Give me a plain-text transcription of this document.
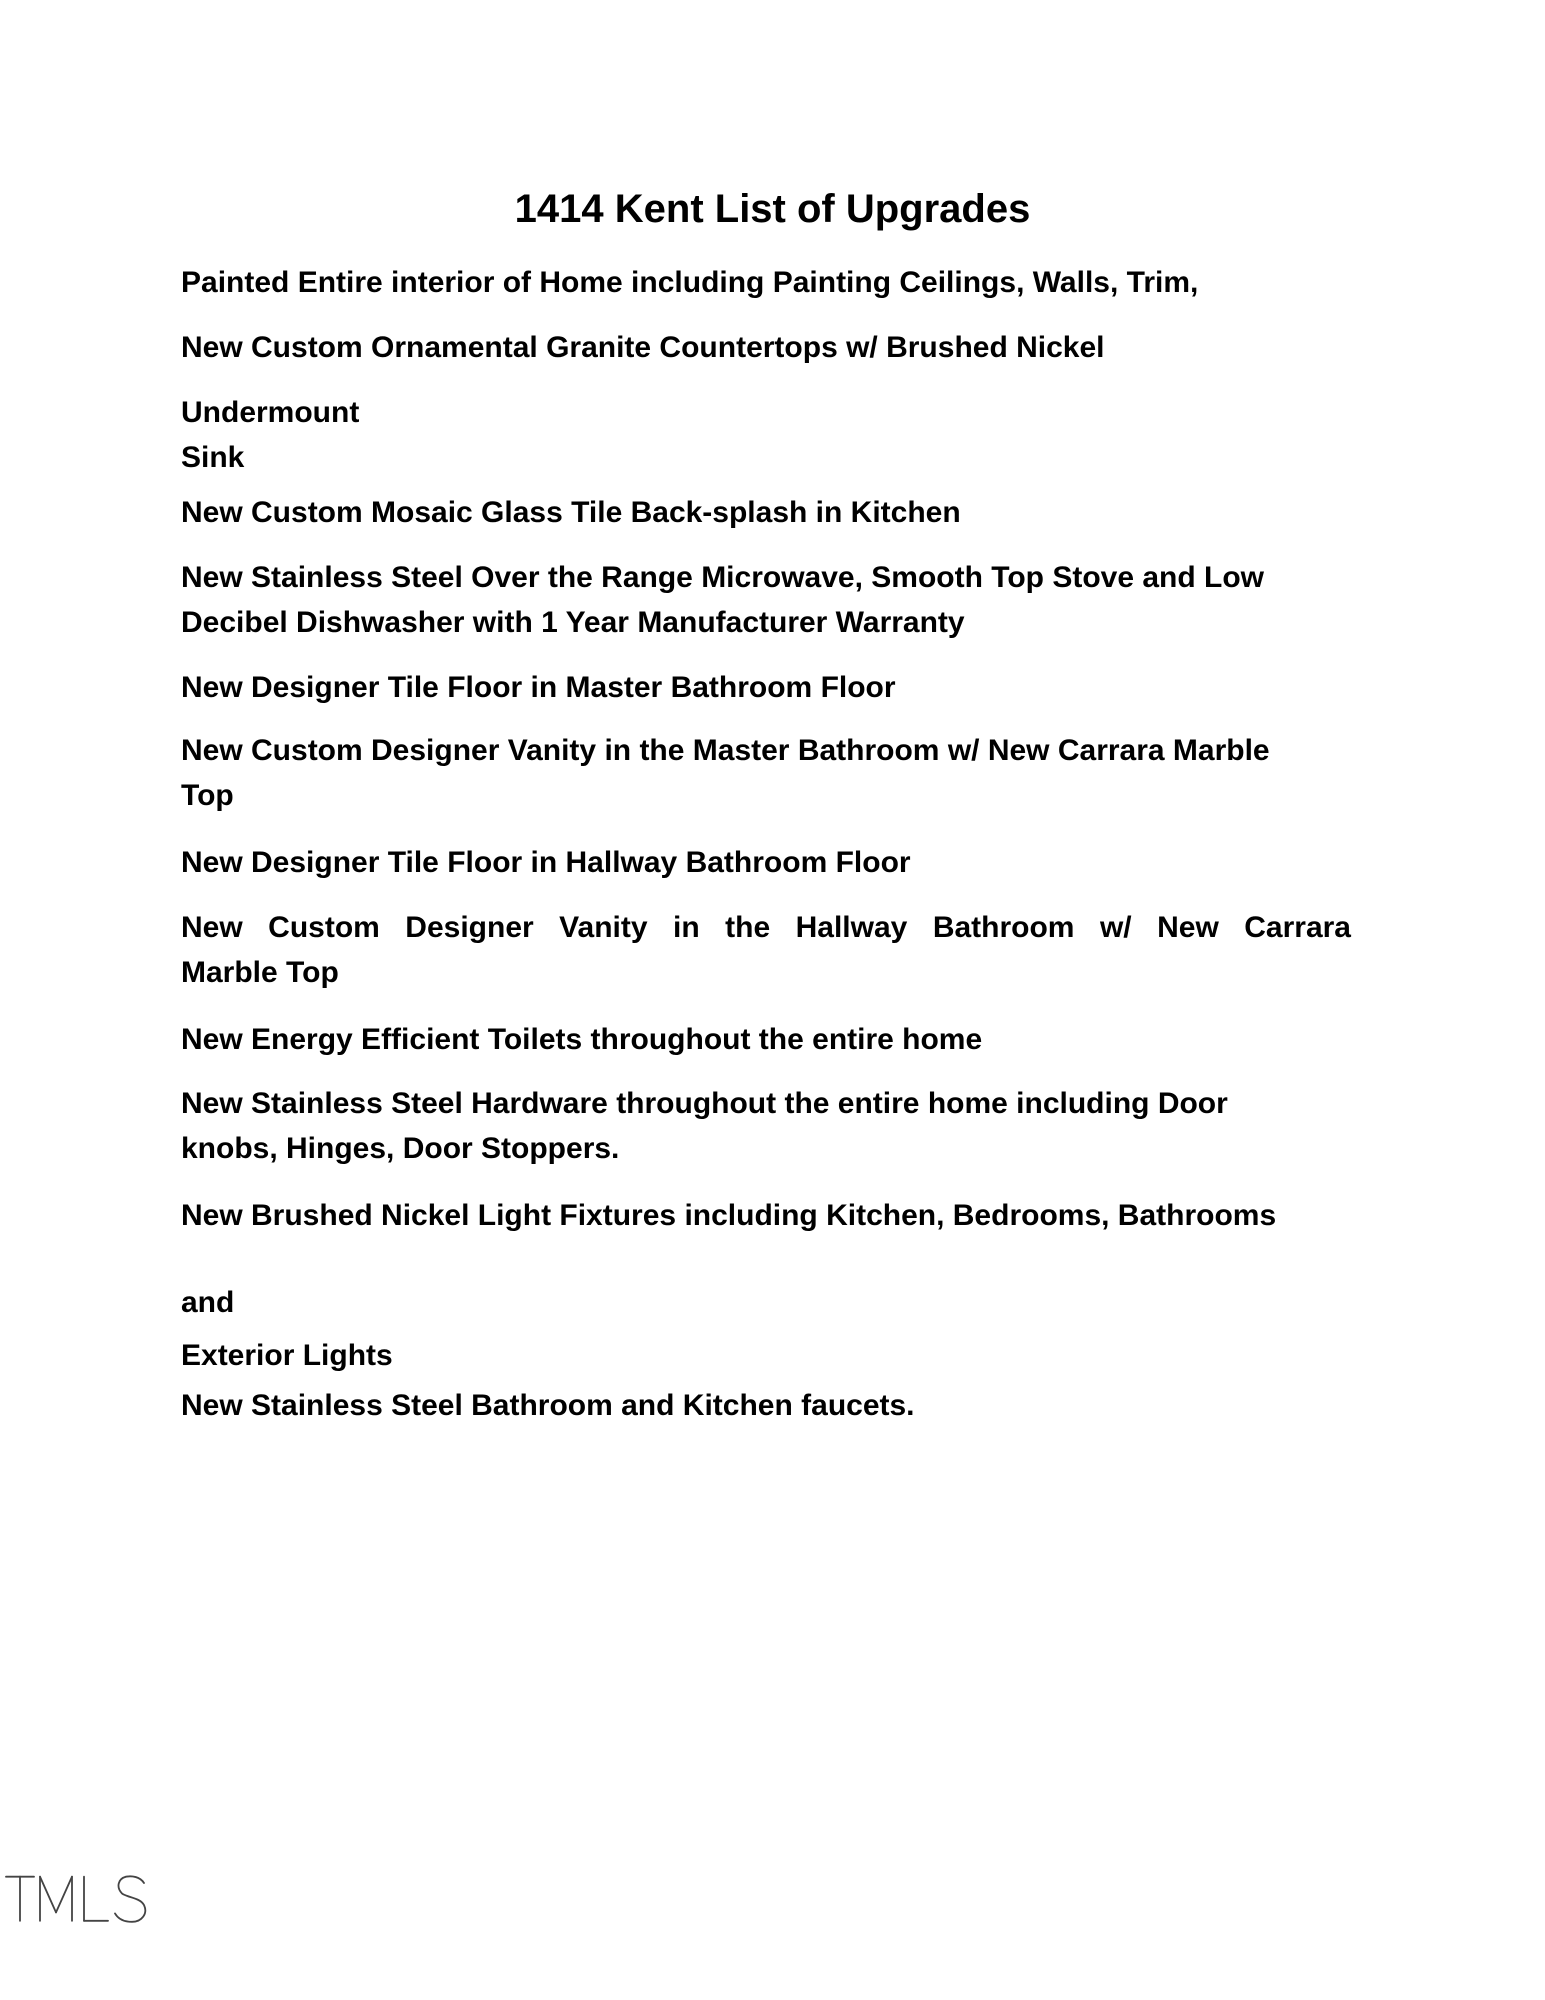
1414 Kent List of Upgrades
Painted Entire interior of Home including Painting Ceilings, Walls, Trim,
New Custom Ornamental Granite Countertops w/ Brushed Nickel
Undermount
Sink
New Custom Mosaic Glass Tile Back-splash in Kitchen
New Stainless Steel Over the Range Microwave, Smooth Top Stove and Low
Decibel Dishwasher with 1 Year Manufacturer Warranty
New Designer Tile Floor in Master Bathroom Floor
New Custom Designer Vanity in the Master Bathroom w/ New Carrara Marble
Top
New Designer Tile Floor in Hallway Bathroom Floor
New Custom Designer Vanity in the Hallway Bathroom w/ New Carrara
Marble Top
New Energy Efficient Toilets throughout the entire home
New Stainless Steel Hardware throughout the entire home including Door
knobs, Hinges, Door Stoppers.
New Brushed Nickel Light Fixtures including Kitchen, Bedrooms, Bathrooms
and
Exterior Lights
New Stainless Steel Bathroom and Kitchen faucets.
